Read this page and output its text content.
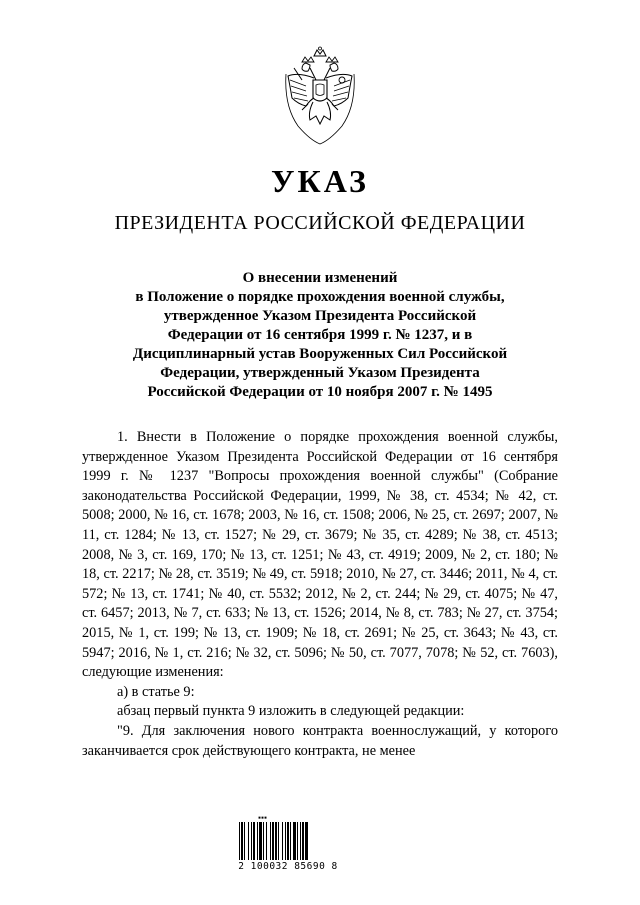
УКАЗ
ПРЕЗИДЕНТА РОССИЙСКОЙ ФЕДЕРАЦИИ
О внесении изменений
в Положение о порядке прохождения военной службы,
утвержденное Указом Президента Российской
Федерации от 16 сентября 1999 г. № 1237, и в
Дисциплинарный устав Вооруженных Сил Российской
Федерации, утвержденный Указом Президента
Российской Федерации от 10 ноября 2007 г. № 1495

1. Внести в Положение о порядке прохождения военной службы, утвержденное Указом Президента Российской Федерации от 16 сентября 1999 г. № 1237 "Вопросы прохождения военной службы" (Собрание законодательства Российской Федерации, 1999, № 38, ст. 4534; № 42, ст. 5008; 2000, № 16, ст. 1678; 2003, № 16, ст. 1508; 2006, № 25, ст. 2697; 2007, № 11, ст. 1284; № 13, ст. 1527; № 29, ст. 3679; № 35, ст. 4289; № 38, ст. 4513; 2008, № 3, ст. 169, 170; № 13, ст. 1251; № 43, ст. 4919; 2009, № 2, ст. 180; № 18, ст. 2217; № 28, ст. 3519; № 49, ст. 5918; 2010, № 27, ст. 3446; 2011, № 4, ст. 572; № 13, ст. 1741; № 40, ст. 5532; 2012, № 2, ст. 244; № 29, ст. 4075; № 47, ст. 6457; 2013, № 7, ст. 633; № 13, ст. 1526; 2014, № 8, ст. 783; № 27, ст. 3754; 2015, № 1, ст. 199; № 13, ст. 1909; № 18, ст. 2691; № 25, ст. 3643; № 43, ст. 5947; 2016, № 1, ст. 216; № 32, ст. 5096; № 50, ст. 7077, 7078; № 52, ст. 7603), следующие изменения:

а) в статье 9:

абзац первый пункта 9 изложить в следующей редакции:

"9. Для заключения нового контракта военнослужащий, у которого заканчивается срок действующего контракта, не менее

▪▪▪
2 100032 85690 8
